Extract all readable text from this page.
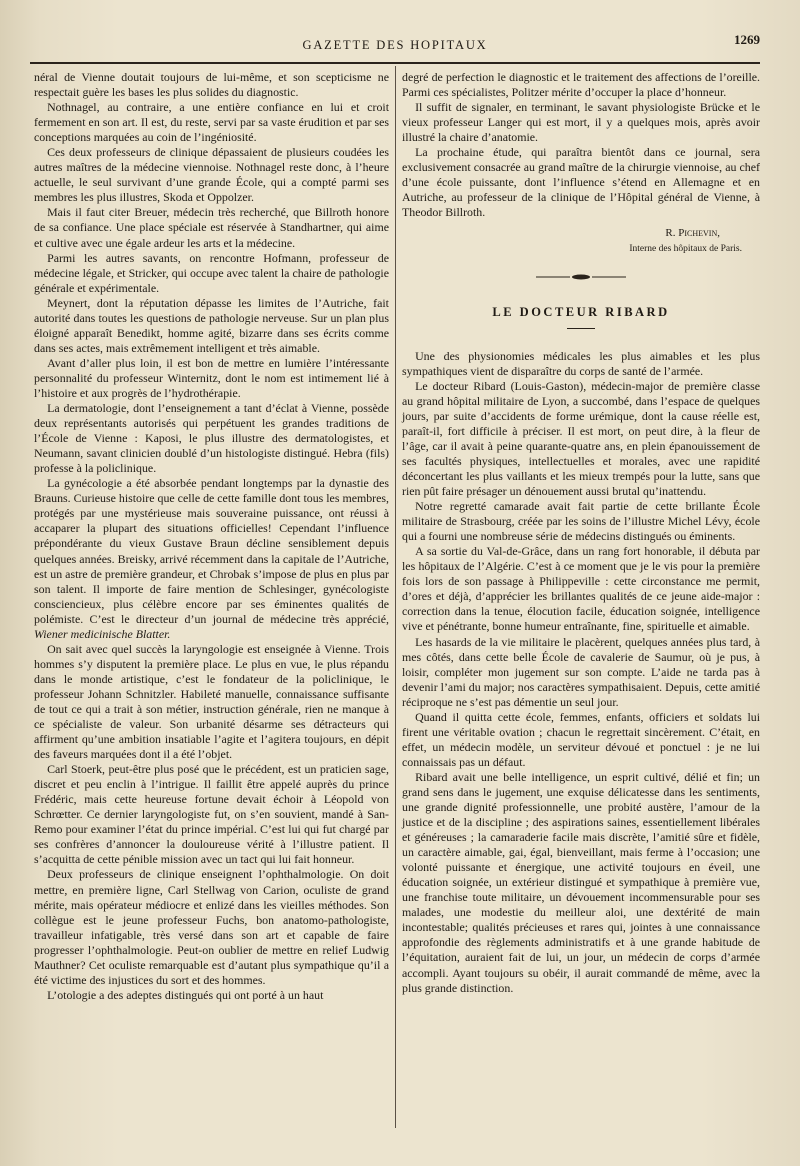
GAZETTE DES HOPITAUX	1269

néral de Vienne doutait toujours de lui-même, et son scepticisme ne respectait guère les bases les plus solides du diagnostic.

Nothnagel, au contraire, a une entière confiance en lui et croit fermement en son art. Il est, du reste, servi par sa vaste érudition et par ses conceptions marquées au coin de l’ingéniosité.

Ces deux professeurs de clinique dépassaient de plusieurs coudées les autres maîtres de la médecine viennoise. Nothnagel reste donc, à l’heure actuelle, le seul survivant d’une grande École, qui a compté parmi ses membres les plus illustres, Skoda et Oppolzer.

Mais il faut citer Breuer, médecin très recherché, que Billroth honore de sa confiance. Une place spéciale est réservée à Standhartner, qui aime et cultive avec une égale ardeur les arts et la médecine.

Parmi les autres savants, on rencontre Hofmann, professeur de médecine légale, et Stricker, qui occupe avec talent la chaire de pathologie générale et expérimentale.

Meynert, dont la réputation dépasse les limites de l’Autriche, fait autorité dans toutes les questions de pathologie nerveuse. Sur un plan plus éloigné apparaît Benedikt, homme agité, bizarre dans ses écrits comme dans ses actes, mais extrêmement intelligent et très aimable.

Avant d’aller plus loin, il est bon de mettre en lumière l’intéressante personnalité du professeur Winternitz, dont le nom est intimement lié à l’histoire et aux progrès de l’hydrothérapie.

La dermatologie, dont l’enseignement a tant d’éclat à Vienne, possède deux représentants autorisés qui perpétuent les grandes traditions de l’École de Vienne : Kaposi, le plus illustre des dermatologistes, et Neumann, savant clinicien doublé d’un histologiste distingué. Hebra (fils) professe à la policlinique.

La gynécologie a été absorbée pendant longtemps par la dynastie des Brauns. Curieuse histoire que celle de cette famille dont tous les membres, protégés par une mystérieuse mais souveraine puissance, ont réussi à accaparer la plupart des situations officielles! Cependant l’influence prépondérante du vieux Gustave Braun décline sensiblement depuis quelques années. Breisky, arrivé récemment dans la capitale de l’Autriche, est un astre de première grandeur, et Chrobak s’impose de plus en plus par son talent. Il importe de faire mention de Schlesinger, gynécologiste consciencieux, plus célèbre encore par ses éminentes qualités de polémiste. C’est le directeur d’un journal de médecine très apprécié, Wiener medicinische Blatter.

On sait avec quel succès la laryngologie est enseignée à Vienne. Trois hommes s’y disputent la première place. Le plus en vue, le plus répandu dans le monde artistique, c’est le fondateur de la policlinique, le professeur Johann Schnitzler. Habileté manuelle, connaissance suffisante de tout ce qui a trait à son métier, instruction générale, rien ne manque à ce spécialiste de valeur. Son urbanité désarme ses détracteurs qui affirment qu’une ambition insatiable l’agite et l’agitera toujours, en dépit des faveurs marquées dont il a été l’objet.

Carl Stoerk, peut-être plus posé que le précédent, est un praticien sage, discret et peu enclin à l’intrigue. Il faillit être appelé auprès du prince Frédéric, mais cette heureuse fortune devait échoir à Léopold von Schrœtter. Ce dernier laryngologiste fut, on s’en souvient, mandé à San-Remo pour examiner l’état du prince impérial. C’est lui qui fut chargé par ses confrères d’annoncer la douloureuse vérité à l’illustre patient. Il s’acquitta de cette pénible mission avec un tact qui lui fait honneur.

Deux professeurs de clinique enseignent l’ophthalmologie. On doit mettre, en première ligne, Carl Stellwag von Carion, oculiste de grand mérite, mais opérateur médiocre et enlizé dans les vieilles méthodes. Son collègue est le jeune professeur Fuchs, bon anatomo-pathologiste, travailleur infatigable, très versé dans son art et capable de faire progresser l’ophthalmologie. Peut-on oublier de mettre en relief Ludwig Mauthner? Cet oculiste remarquable est d’autant plus sympathique qu’il a été victime des injustices du sort et des hommes.

L’otologie a des adeptes distingués qui ont porté à un haut

degré de perfection le diagnostic et le traitement des affections de l’oreille. Parmi ces spécialistes, Politzer mérite d’occuper la place d’honneur.

Il suffit de signaler, en terminant, le savant physiologiste Brücke et le vieux professeur Langer qui est mort, il y a quelques mois, après avoir illustré la chaire d’anatomie.

La prochaine étude, qui paraîtra bientôt dans ce journal, sera exclusivement consacrée au grand maître de la chirurgie viennoise, au chef d’une école puissante, dont l’influence s’étend en Allemagne et en Autriche, au professeur de la clinique de l’Hôpital général de Vienne, à Theodor Billroth.

R. Pichevin,
Interne des hôpitaux de Paris.
LE DOCTEUR RIBARD

Une des physionomies médicales les plus aimables et les plus sympathiques vient de disparaître du corps de santé de l’armée.

Le docteur Ribard (Louis-Gaston), médecin-major de première classe au grand hôpital militaire de Lyon, a succombé, dans l’espace de quelques jours, par suite d’accidents de forme urémique, dont la cause réelle est, paraît-il, fort difficile à préciser. Il est mort, on peut dire, à la fleur de l’âge, car il avait à peine quarante-quatre ans, en plein épanouissement de ses facultés physiques, intellectuelles et morales, avec une rapidité déconcertant les plus vaillants et les mieux trempés pour la lutte, sans que rien pût faire présager un dénouement aussi brutal qu’inattendu.

Notre regretté camarade avait fait partie de cette brillante École militaire de Strasbourg, créée par les soins de l’illustre Michel Lévy, école qui a fourni une nombreuse série de médecins distingués ou éminents.

A sa sortie du Val-de-Grâce, dans un rang fort honorable, il débuta par les hôpitaux de l’Algérie. C’est à ce moment que je le vis pour la première fois lors de son passage à Philippeville : cette circonstance me permit, d’ores et déjà, d’apprécier les brillantes qualités de ce jeune aide-major : correction dans la tenue, élocution facile, éducation soignée, intelligence vive et pénétrante, bonne humeur entraînante, fine, spirituelle et aimable.

Les hasards de la vie militaire le placèrent, quelques années plus tard, à mes côtés, dans cette belle École de cavalerie de Saumur, où je pus, à loisir, compléter mon jugement sur son compte. L’aide ne tarda pas à devenir l’ami du major; nos caractères sympathisaient. Depuis, cette amitié réciproque ne s’est pas démentie un seul jour.

Quand il quitta cette école, femmes, enfants, officiers et soldats lui firent une véritable ovation ; chacun le regrettait sincèrement. C’était, en effet, un médecin modèle, un serviteur dévoué et ponctuel : je ne lui connaissais pas un défaut.

Ribard avait une belle intelligence, un esprit cultivé, délié et fin; un grand sens dans le jugement, une exquise délicatesse dans les sentiments, une grande dignité professionnelle, une probité austère, l’amour de la justice et de la discipline ; des aspirations saines, essentiellement libérales et généreuses ; la camaraderie facile mais discrète, l’amitié sûre et fidèle, un caractère aimable, gai, égal, bienveillant, mais ferme à l’occasion; une volonté puissante et énergique, une activité toujours en éveil, une éducation soignée, un extérieur distingué et sympathique à première vue, une franchise toute militaire, un dévouement incommensurable pour ses malades, une modestie du meilleur aloi, une dextérité de main incontestable; qualités précieuses et rares qui, jointes à une connaissance approfondie des règlements administratifs et à une grande habitude de l’équitation, auraient fait de lui, un jour, un médecin de corps d’armée accompli. Ayant toujours su obéir, il aurait commandé de même, avec la plus grande distinction.
